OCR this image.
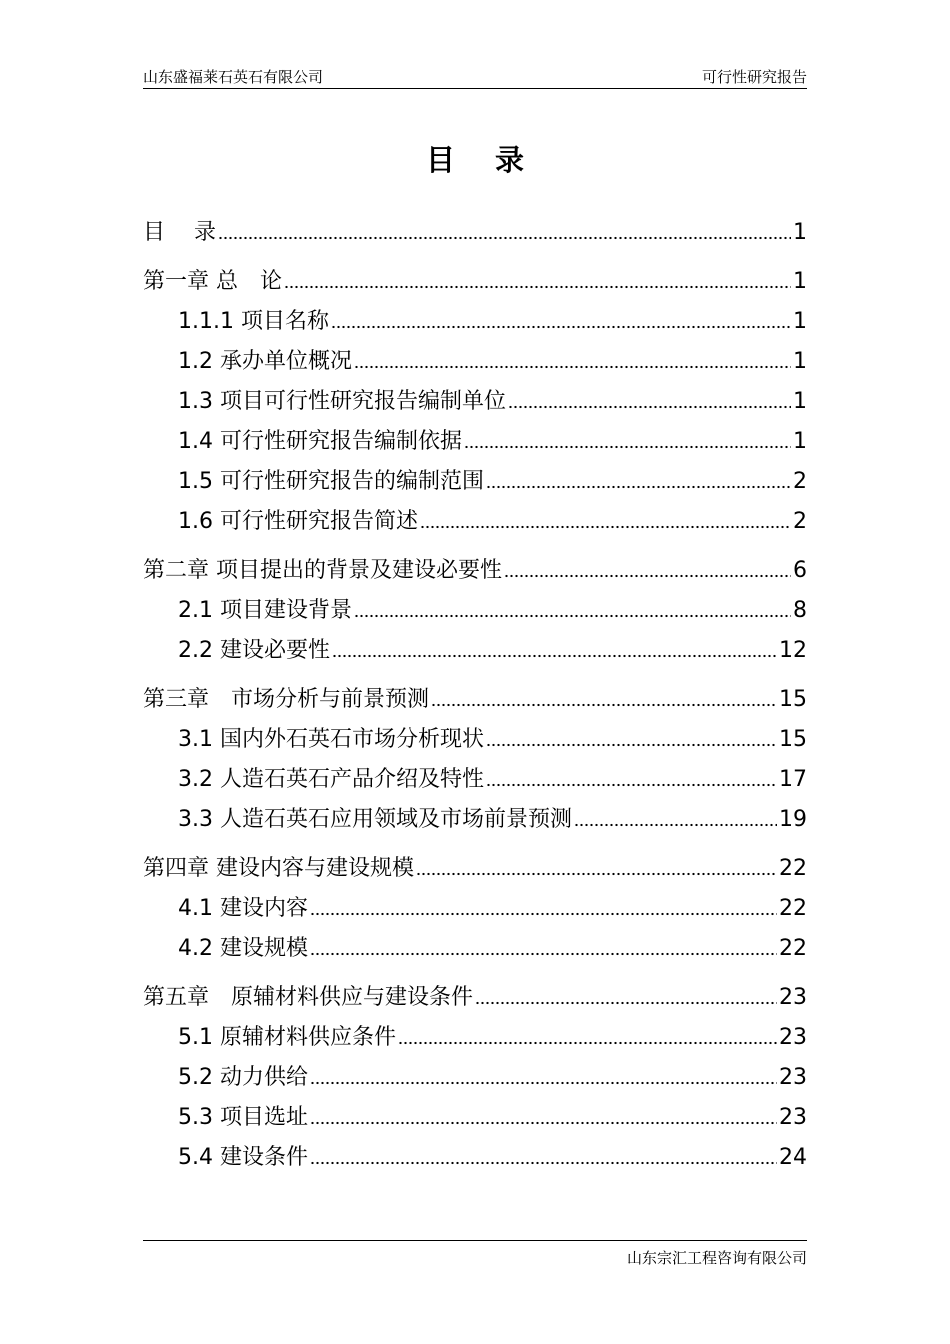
山东盛福莱石英石有限公司	可行性研究报告
目 录
目　 录	1
第一章 总　论	1
1.1.1 项目名称	1
1.2 承办单位概况	1
1.3 项目可行性研究报告编制单位	1
1.4 可行性研究报告编制依据	1
1.5 可行性研究报告的编制范围	2
1.6 可行性研究报告简述	2
第二章 项目提出的背景及建设必要性	6
2.1 项目建设背景	8
2.2 建设必要性	12
第三章　市场分析与前景预测	15
3.1 国内外石英石市场分析现状	15
3.2 人造石英石产品介绍及特性	17
3.3 人造石英石应用领域及市场前景预测	19
第四章 建设内容与建设规模	22
4.1 建设内容	22
4.2 建设规模	22
第五章　原辅材料供应与建设条件	23
5.1 原辅材料供应条件	23
5.2 动力供给	23
5.3 项目选址	23
5.4 建设条件	24
山东宗汇工程咨询有限公司
